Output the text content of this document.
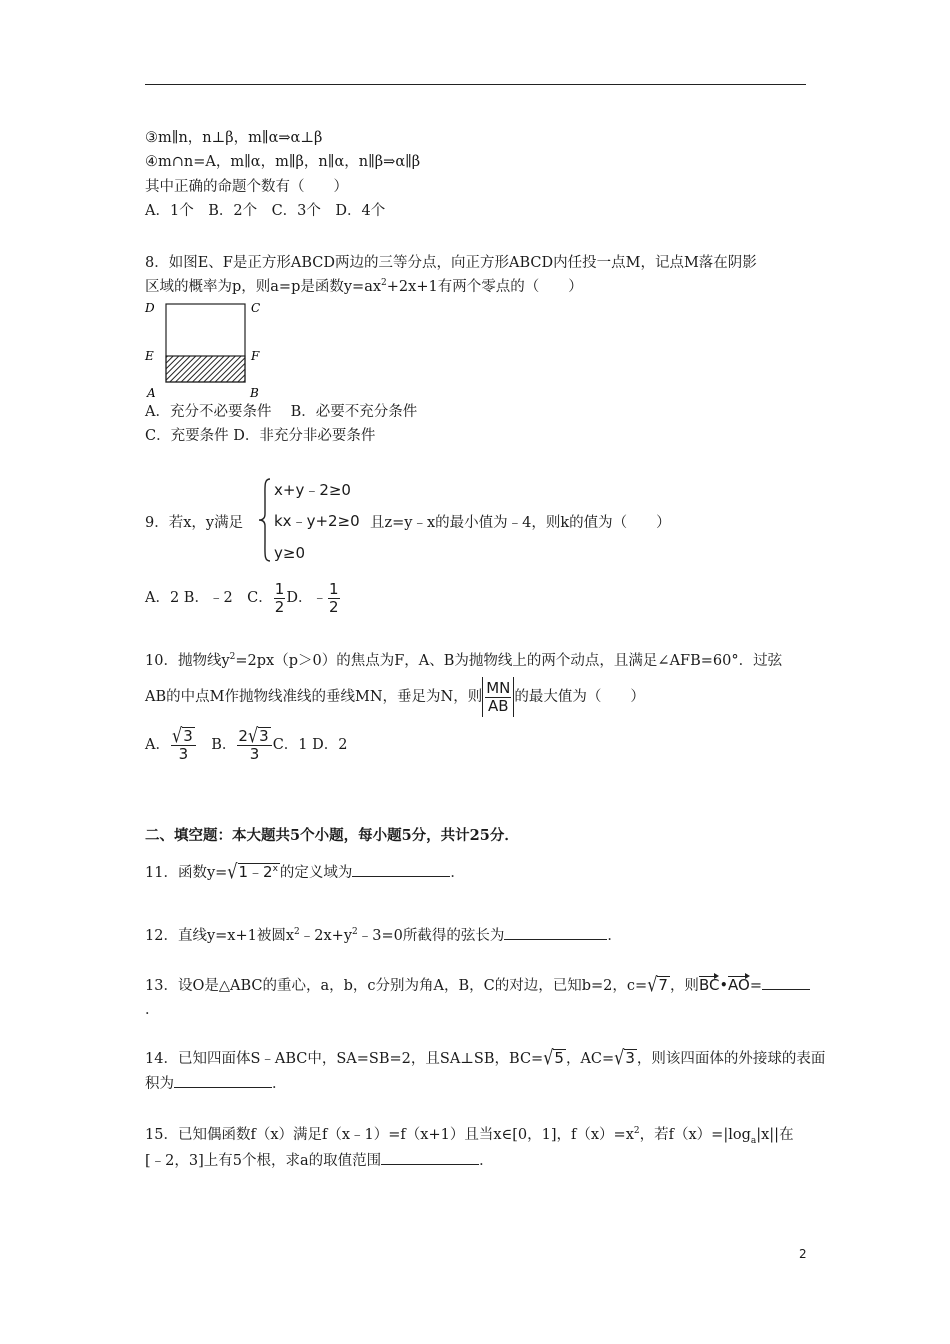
③m∥n，n⊥β，m∥α⇒α⊥β
④m∩n=A，m∥α，m∥β，n∥α，n∥β⇒α∥β
其中正确的命题个数有（　　）
A．1个　B．2个　C．3个　D．4个
8．如图E、F是正方形ABCD两边的三等分点，向正方形ABCD内任投一点M，记点M落在阴影
区域的概率为p，则a=p是函数$y=ax^2+2x+1$有两个零点的（　　）
D	C
E	F
A	B
A．充分不必要条件　 B．必要不充分条件
C．充要条件 D．非充分非必要条件
9．若x，y满足
x+y﹣2≥0
kx﹣y+2≥0
y≥0
且z=y﹣x的最小值为﹣4，则k的值为（　　）
A．2 B．﹣2　C． $\frac{1}{2}$ D．﹣ $\frac{1}{2}$
10．抛物线$y^2=2px(p>0)$的焦点为F，A、B为抛物线上的两个动点，且满足∠AFB=60°．过弦
AB的中点M作抛物线准线的垂线MN，垂足为N，则 $\frac{MN}{AB}$ 的最大值为（　　）
A． $\frac{√3}{3}$
　 B． $\frac{2√3}{3}$ C．1 D．2
二、填空题：本大题共5个小题，每小题5分，共计25分．
11．函数$y=√1﹣2^x$ 的定义域为	．
12．直线y=x+1被圆$x^2﹣2x+y^2﹣3=0$所截得的弦长为	．
13．设O是△ABC的重心，a，b，c分别为角A，B，C的对边，已知b=2，c=√7 ，则BC•AO=
．
14．已知四面体S﹣ABC中，SA=SB=2，且SA⊥SB，BC=√5 ，AC=√3 ，则该四面体的外接球的表面
积为	．
15．已知偶函数f（x）满足f（x﹣1）=f（x+1）且当x∈[0，1]，$f(x)=x^2$，若$f(x)=|\log_a|x||$在
[﹣2，3]上有5个根，求a的取值范围	．
2
